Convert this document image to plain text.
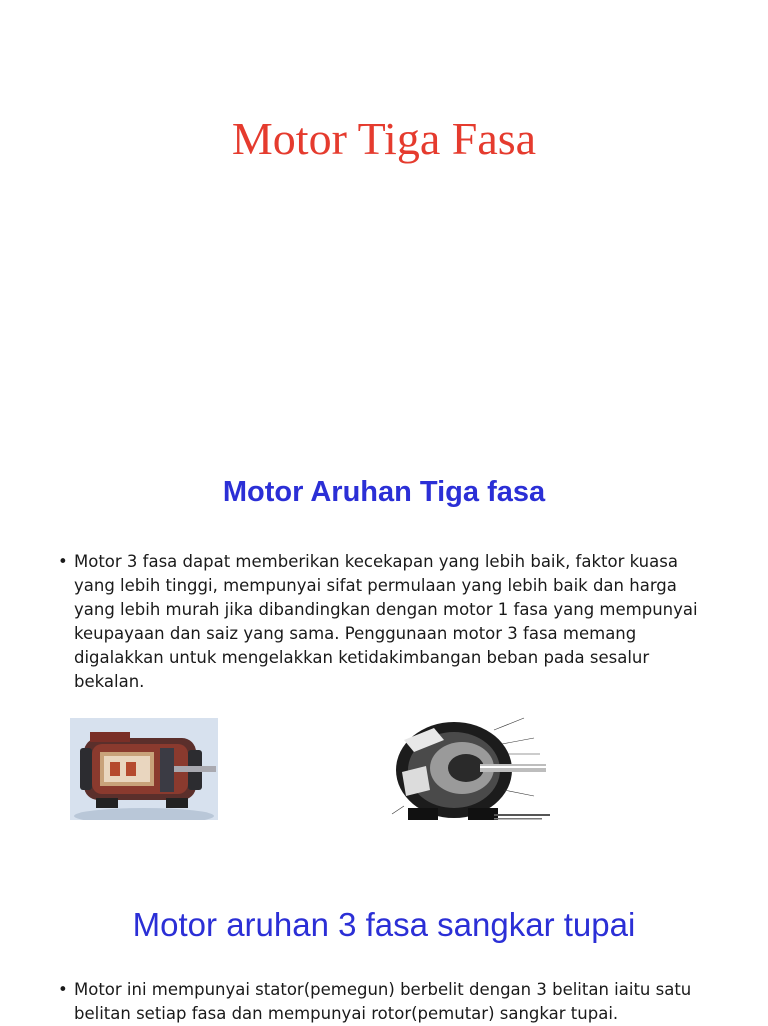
Motor Tiga Fasa
Motor Aruhan Tiga fasa
• Motor 3 fasa dapat memberikan kecekapan yang lebih baik, faktor kuasa yang lebih tinggi, mempunyai sifat permulaan yang lebih baik dan harga yang lebih murah jika dibandingkan dengan motor 1 fasa yang mempunyai keupayaan dan saiz yang sama. Penggunaan motor 3 fasa memang digalakkan untuk mengelakkan ketidakimbangan beban pada sesalur bekalan.
Motor aruhan 3 fasa sangkar tupai
• Motor ini mempunyai stator(pemegun) berbelit dengan 3 belitan iaitu satu belitan setiap fasa dan mempunyai rotor(pemutar) sangkar tupai.
